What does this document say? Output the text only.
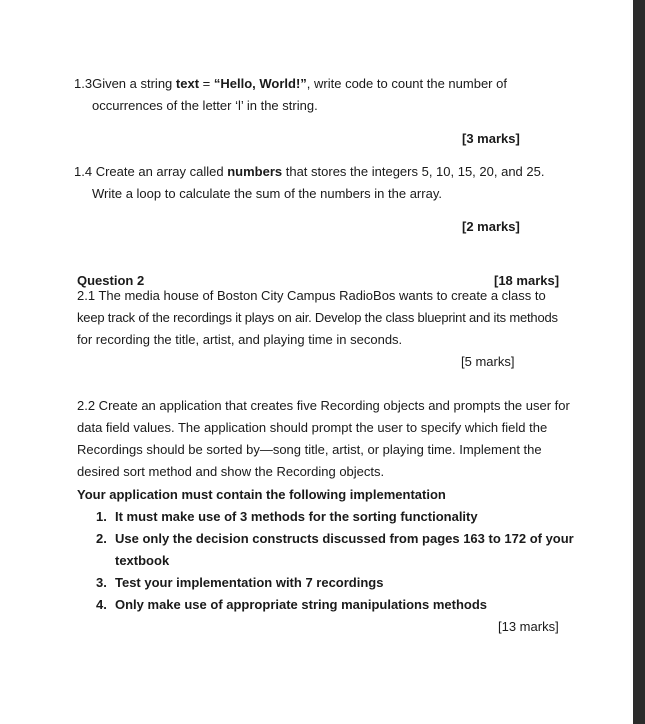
1.3Given a string text = “Hello, World!”, write code to count the number of
occurrences of the letter ‘l’ in the string.
[3 marks]
1.4 Create an array called numbers that stores the integers 5, 10, 15, 20, and 25.
Write a loop to calculate the sum of the numbers in the array.
[2 marks]
Question 2	[18 marks]
2.1 The media house of Boston City Campus RadioBos wants to create a class to
keep track of the recordings it plays on air. Develop the class blueprint and its methods
for recording the title, artist, and playing time in seconds.
[5 marks]
2.2 Create an application that creates five Recording objects and prompts the user for
data field values. The application should prompt the user to specify which field the
Recordings should be sorted by—song title, artist, or playing time. Implement the
desired sort method and show the Recording objects.
Your application must contain the following implementation
1. It must make use of 3 methods for the sorting functionality
2. Use only the decision constructs discussed from pages 163 to 172 of your
textbook
3. Test your implementation with 7 recordings
4. Only make use of appropriate string manipulations methods
[13 marks]
